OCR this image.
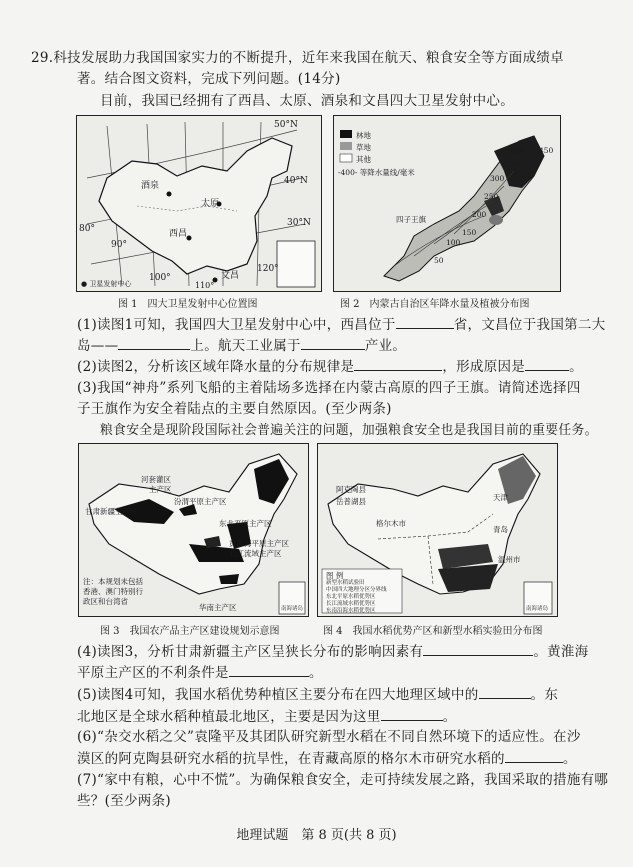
29.科技发展助力我国国家实力的不断提升，近年来我国在航天、粮食安全等方面成绩卓
著。结合图文资料，完成下列问题。(14分)
目前，我国已经拥有了西昌、太原、酒泉和文昌四大卫星发射中心。
50°N
40°N
30°N
80°
90°
100°
110°
120°
酒泉
太原
西昌
文昌
● 卫星发射中心
图 1　四大卫星发射中心位置图
林地
草地
其他
-400- 等降水量线/毫米
四子王旗
50
100
150
200
250
300
350
400 450
图 2　内蒙古自治区年降水量及植被分布图
(1)读图1可知，我国四大卫星发射中心中，西昌位于	省，文昌位于我国第二大
岛——	上。航天工业属于	产业。
(2)读图2，分析该区域年降水量的分布规律是	，形成原因是	。
(3)我国“神舟”系列飞船的主着陆场多选择在内蒙古高原的四子王旗。请简述选择四
子王旗作为安全着陆点的主要自然原因。(至少两条)
粮食安全是现阶段国际社会普遍关注的问题，加强粮食安全也是我国目前的重要任务。
河套灌区
主产区
汾渭平原主产区
甘肃新疆主产区
东北平原主产区
黄淮海平原主产区
长江流域主产区
华南主产区
注：本规划未包括
香港、澳门特别行
政区和台湾省
南海诸岛
图 3　我国农产品主产区建设规划示意图
阿克陶县
岳普湖县
格尔木市
天津
青岛
温州市
图 例
新型水稻试验田
中国四大地理分区分界线
东北平原水稻优势区
长江流域水稻优势区
东南沿海水稻优势区	南海诸岛
图 4　我国水稻优势产区和新型水稻实验田分布图
(4)读图3，分析甘肃新疆主产区呈狭长分布的影响因素有	。黄淮海
平原主产区的不利条件是	。
(5)读图4可知，我国水稻优势种植区主要分布在四大地理区域中的	。东
北地区是全球水稻种植最北地区，主要是因为这里	。
(6)“杂交水稻之父”袁隆平及其团队研究新型水稻在不同自然环境下的适应性。在沙
漠区的阿克陶县研究水稻的抗旱性，在青藏高原的格尔木市研究水稻的	。
(7)“家中有粮，心中不慌”。为确保粮食安全，走可持续发展之路，我国采取的措施有哪
些？(至少两条)
地理试题　第 8 页(共 8 页)
